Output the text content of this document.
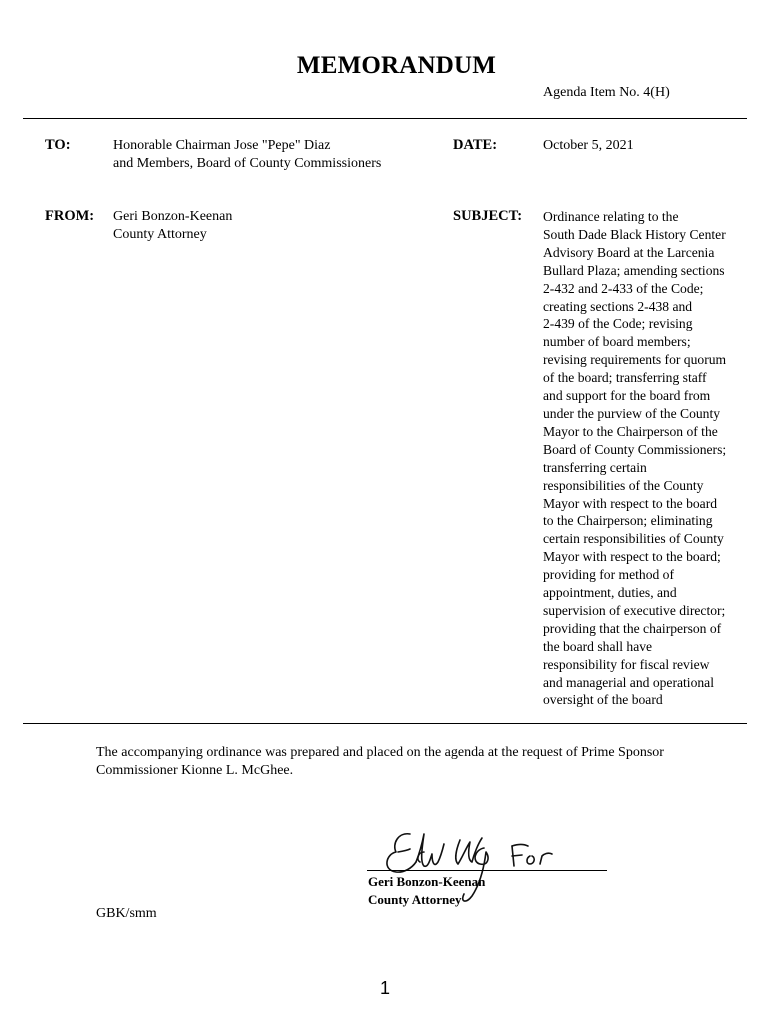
MEMORANDUM
Agenda Item No. 4(H)
TO:	Honorable Chairman Jose "Pepe" Diaz
and Members, Board of County Commissioners
DATE:	October 5, 2021
FROM: Geri Bonzon-Keenan
County Attorney
SUBJECT: Ordinance relating to the
South Dade Black History Center
Advisory Board at the Larcenia
Bullard Plaza; amending sections
2-432 and 2-433 of the Code;
creating sections 2-438 and
2-439 of the Code; revising
number of board members;
revising requirements for quorum
of the board; transferring staff
and support for the board from
under the purview of the County
Mayor to the Chairperson of the
Board of County Commissioners;
transferring certain
responsibilities of the County
Mayor with respect to the board
to the Chairperson; eliminating
certain responsibilities of County
Mayor with respect to the board;
providing for method of
appointment, duties, and
supervision of executive director;
providing that the chairperson of
the board shall have
responsibility for fiscal review
and managerial and operational
oversight of the board
The accompanying ordinance was prepared and placed on the agenda at the request of Prime Sponsor
Commissioner Kionne L. McGhee.
Geri Bonzon-Keenan
County Attorney
GBK/smm
1
